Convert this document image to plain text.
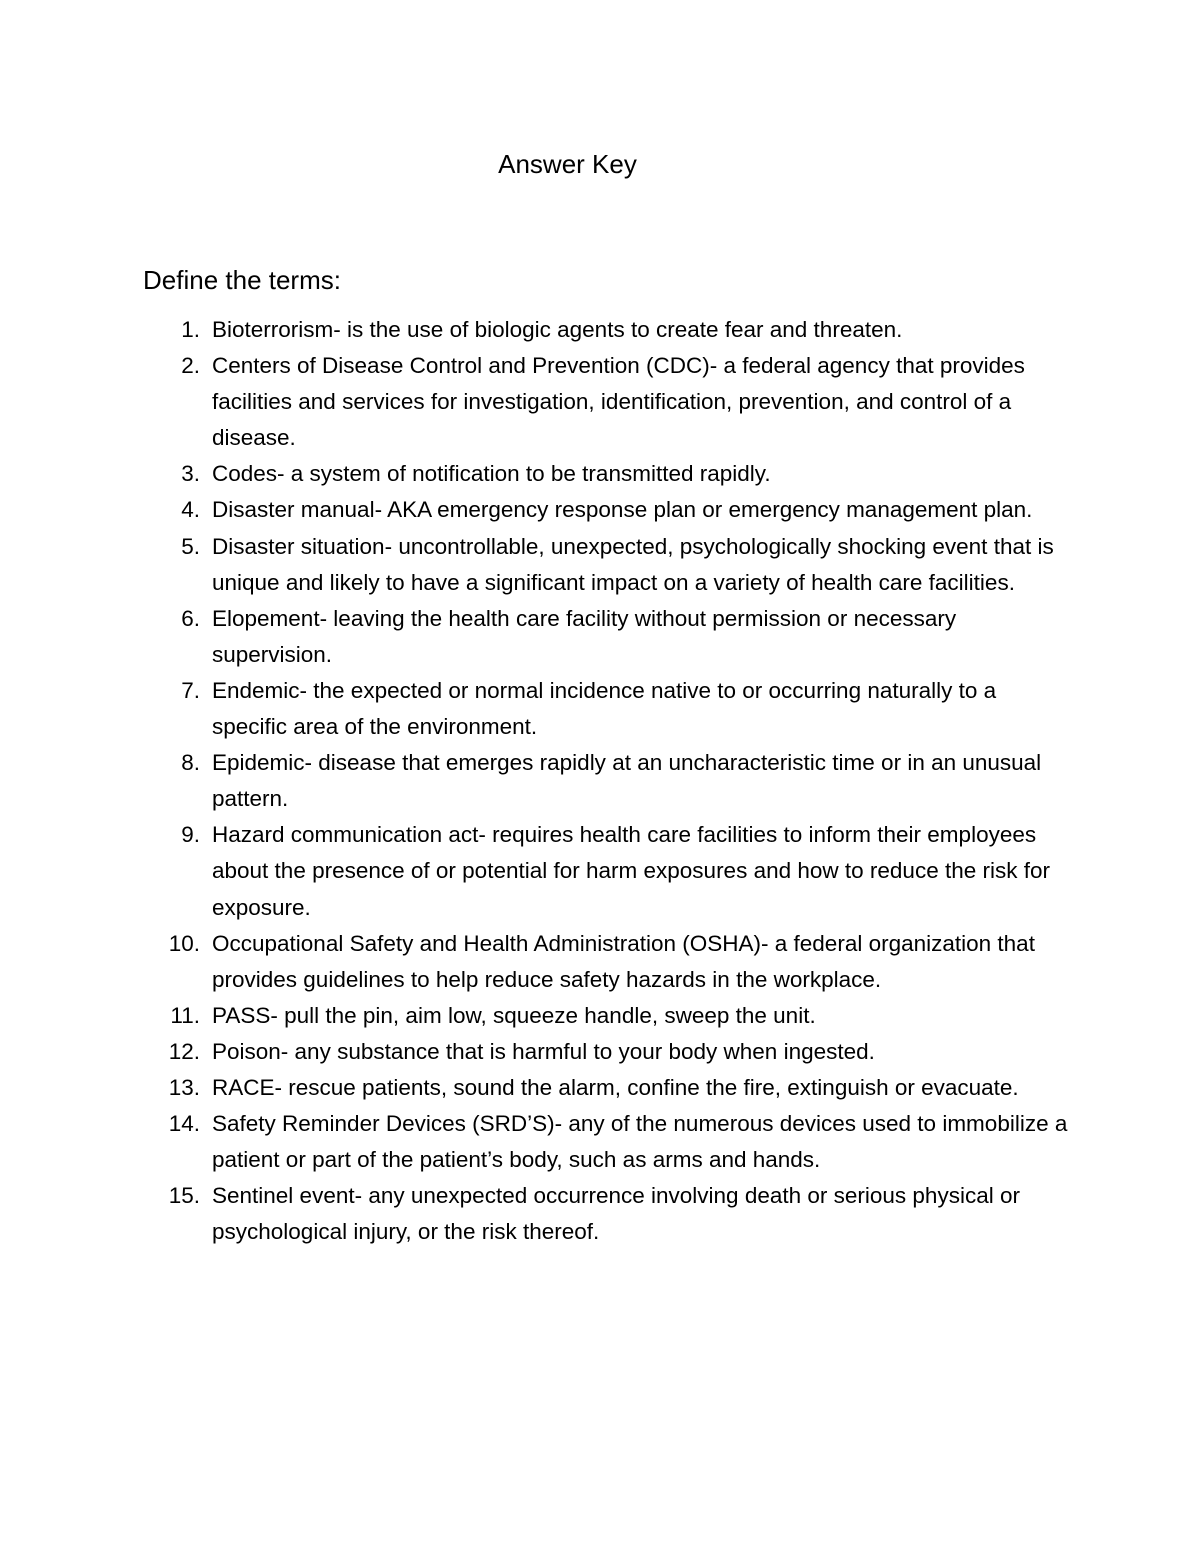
Answer Key
Define the terms:
1. Bioterrorism- is the use of biologic agents to create fear and threaten.
2. Centers of Disease Control and Prevention (CDC)- a federal agency that provides facilities and services for investigation, identification, prevention, and control of a disease.
3. Codes- a system of notification to be transmitted rapidly.
4. Disaster manual- AKA emergency response plan or emergency management plan.
5. Disaster situation- uncontrollable, unexpected, psychologically shocking event that is unique and likely to have a significant impact on a variety of health care facilities.
6. Elopement- leaving the health care facility without permission or necessary supervision.
7. Endemic- the expected or normal incidence native to or occurring naturally to a specific area of the environment.
8. Epidemic- disease that emerges rapidly at an uncharacteristic time or in an unusual pattern.
9. Hazard communication act- requires health care facilities to inform their employees about the presence of or potential for harm exposures and how to reduce the risk for exposure.
10. Occupational Safety and Health Administration (OSHA)- a federal organization that provides guidelines to help reduce safety hazards in the workplace.
11. PASS- pull the pin, aim low, squeeze handle, sweep the unit.
12. Poison- any substance that is harmful to your body when ingested.
13. RACE- rescue patients, sound the alarm, confine the fire, extinguish or evacuate.
14. Safety Reminder Devices (SRD’S)- any of the numerous devices used to immobilize a patient or part of the patient’s body, such as arms and hands.
15. Sentinel event- any unexpected occurrence involving death or serious physical or psychological injury, or the risk thereof.
